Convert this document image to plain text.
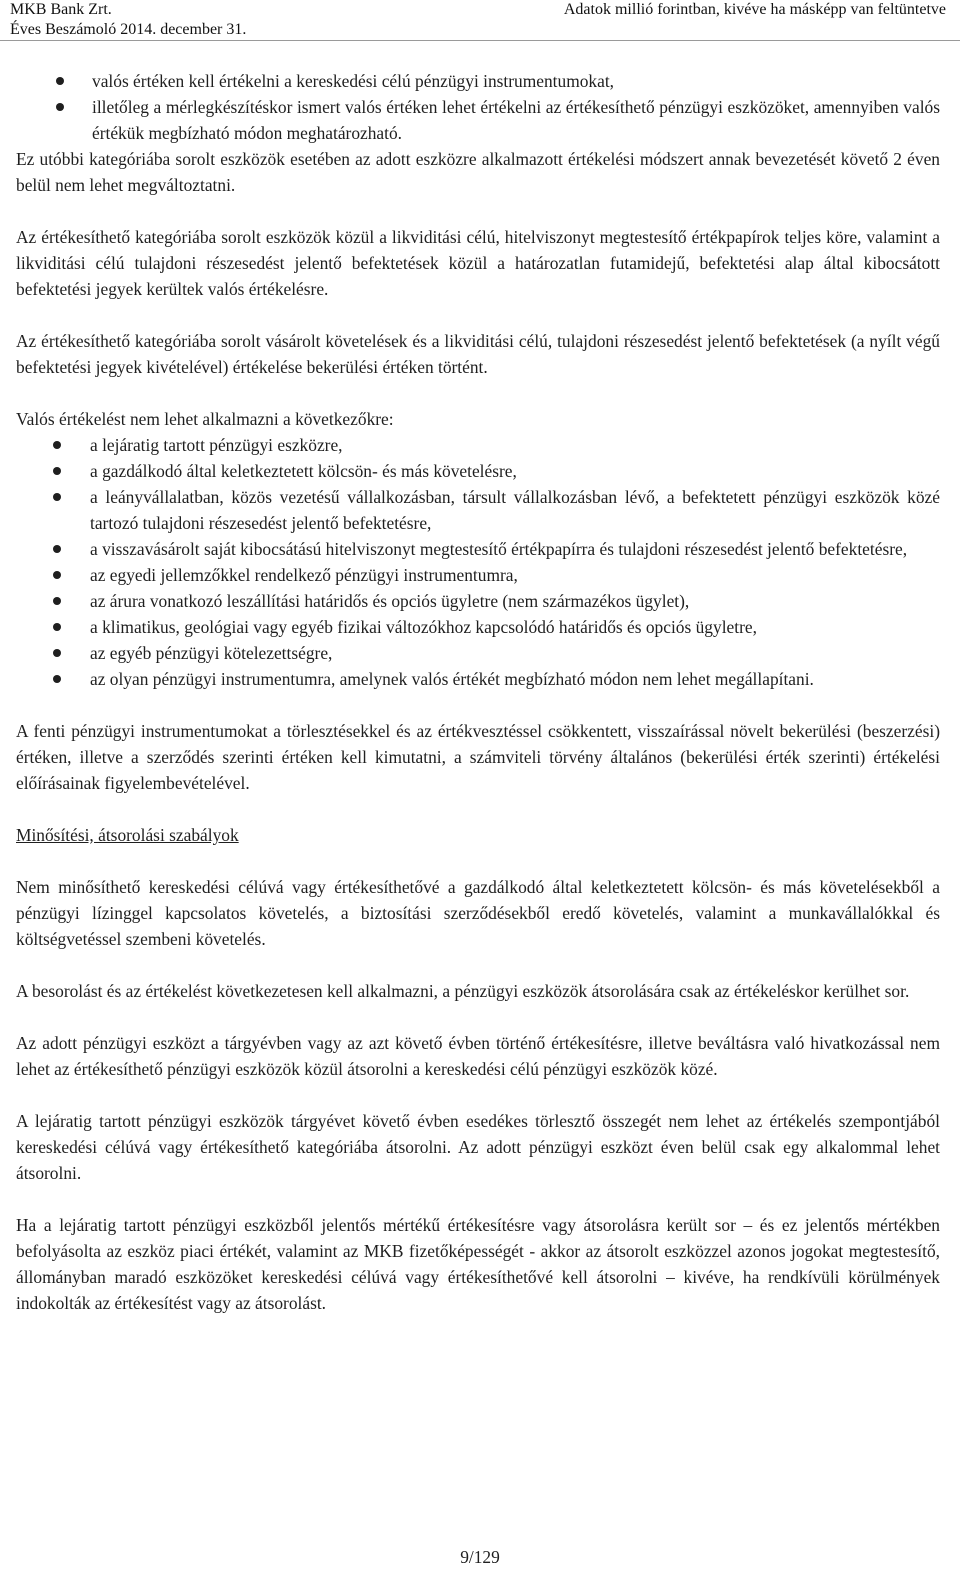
MKB Bank Zrt.
Éves Beszámoló 2014. december 31.
Adatok millió forintban, kivéve ha másképp van feltüntetve
valós értéken kell értékelni a kereskedési célú pénzügyi instrumentumokat,
illetőleg a mérlegkészítéskor ismert valós értéken lehet értékelni az értékesíthető pénzügyi eszközöket, amennyiben valós értékük megbízható módon meghatározható.

Ez utóbbi kategóriába sorolt eszközök esetében az adott eszközre alkalmazott értékelési módszert annak bevezetését követő 2 éven belül nem lehet megváltoztatni.

Az értékesíthető kategóriába sorolt eszközök közül a likviditási célú, hitelviszonyt megtestesítő értékpapírok teljes köre, valamint a likviditási célú tulajdoni részesedést jelentő befektetések közül a határozatlan futamidejű, befektetési alap által kibocsátott befektetési jegyek kerültek valós értékelésre.

Az értékesíthető kategóriába sorolt vásárolt követelések és a likviditási célú, tulajdoni részesedést jelentő befektetések (a nyílt végű befektetési jegyek kivételével) értékelése bekerülési értéken történt.

Valós értékelést nem lehet alkalmazni a következőkre:

a lejáratig tartott pénzügyi eszközre,
a gazdálkodó által keletkeztetett kölcsön- és más követelésre,
a leányvállalatban, közös vezetésű vállalkozásban, társult vállalkozásban lévő, a befektetett pénzügyi eszközök közé tartozó tulajdoni részesedést jelentő befektetésre,
a visszavásárolt saját kibocsátású hitelviszonyt megtestesítő értékpapírra és tulajdoni részesedést jelentő befektetésre,
az egyedi jellemzőkkel rendelkező pénzügyi instrumentumra,
az árura vonatkozó leszállítási határidős és opciós ügyletre (nem származékos ügylet),
a klimatikus, geológiai vagy egyéb fizikai változókhoz kapcsolódó határidős és opciós ügyletre,
az egyéb pénzügyi kötelezettségre,
az olyan pénzügyi instrumentumra, amelynek valós értékét megbízható módon nem lehet megállapítani.

A fenti pénzügyi instrumentumokat a törlesztésekkel és az értékvesztéssel csökkentett, visszaírással növelt bekerülési (beszerzési) értéken, illetve a szerződés szerinti értéken kell kimutatni, a számviteli törvény általános (bekerülési érték szerinti) értékelési előírásainak figyelembevételével.

Minősítési, átsorolási szabályok

Nem minősíthető kereskedési célúvá vagy értékesíthetővé a gazdálkodó által keletkeztetett kölcsön- és más követelésekből a pénzügyi lízinggel kapcsolatos követelés, a biztosítási szerződésekből eredő követelés, valamint a munkavállalókkal és költségvetéssel szembeni követelés.

A besorolást és az értékelést következetesen kell alkalmazni, a pénzügyi eszközök átsorolására csak az értékeléskor kerülhet sor.

Az adott pénzügyi eszközt a tárgyévben vagy az azt követő évben történő értékesítésre, illetve beváltásra való hivatkozással nem lehet az értékesíthető pénzügyi eszközök közül átsorolni a kereskedési célú pénzügyi eszközök közé.

A lejáratig tartott pénzügyi eszközök tárgyévet követő évben esedékes törlesztő összegét nem lehet az értékelés szempontjából kereskedési célúvá vagy értékesíthető kategóriába átsorolni. Az adott pénzügyi eszközt éven belül csak egy alkalommal lehet átsorolni.

Ha a lejáratig tartott pénzügyi eszközből jelentős mértékű értékesítésre vagy átsorolásra került sor – és ez jelentős mértékben befolyásolta az eszköz piaci értékét, valamint az MKB fizetőképességét - akkor az átsorolt eszközzel azonos jogokat megtestesítő, állományban maradó eszközöket kereskedési célúvá vagy értékesíthetővé kell átsorolni – kivéve, ha rendkívüli körülmények indokolták az értékesítést vagy az átsorolást.

9/129
